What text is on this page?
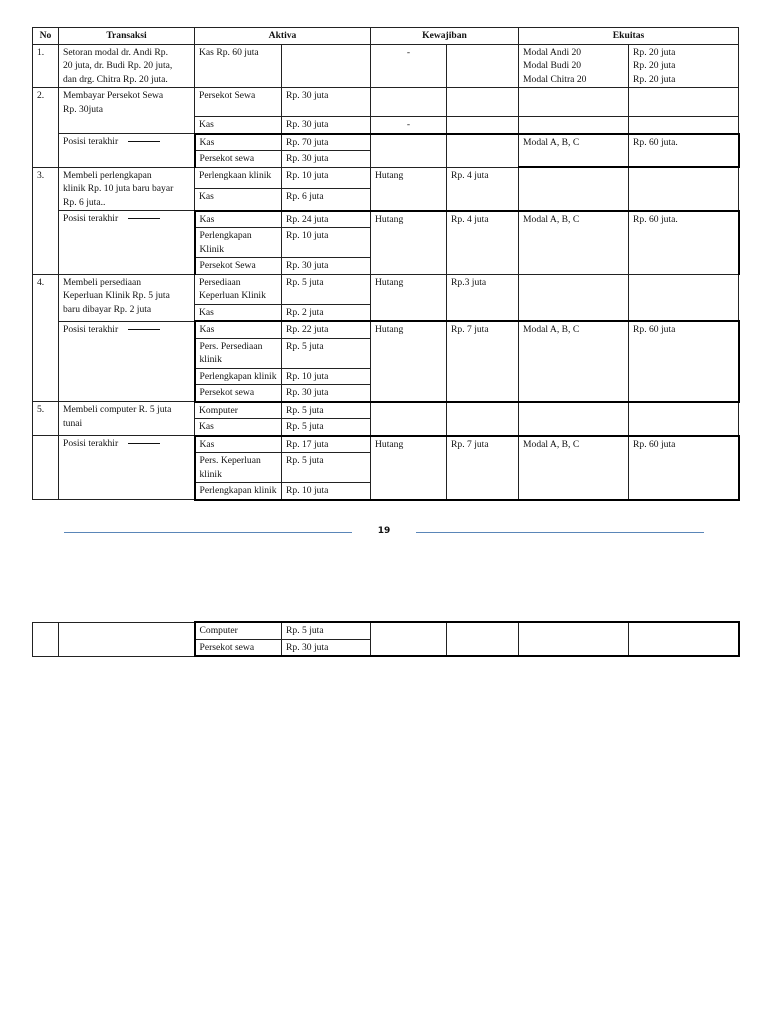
No	Transaksi	Aktiva		Kewajiban		Ekuitas	
1.	Setoran modal dr. Andi Rp.
20 juta, dr. Budi Rp. 20 juta,
dan drg. Chitra Rp. 20 juta.	Kas Rp. 60 juta		-		Modal Andi 20
Modal Budi 20
Modal Chitra 20	Rp. 20 juta
Rp. 20 juta
Rp. 20 juta

2.	Membayar Persekot Sewa
Rp. 30juta	Persekot Sewa	Rp. 30 juta				
		Kas	Rp. 30 juta	-			
	Posisi terakhir	Kas	Rp. 70 juta			Modal A, B, C	Rp. 60 juta.
		Persekot sewa	Rp. 30 juta				
3.	Membeli perlengkapan
klinik Rp. 10 juta baru bayar
Rp. 6 juta..	Perlengkaan klinik	Rp. 10 juta	Hutang	Rp. 4 juta		
		Kas	Rp. 6 juta				
	Posisi terakhir	Kas	Rp. 24 juta	Hutang	Rp. 4 juta	Modal A, B, C	Rp. 60 juta.
		Perlengkapan Klinik	Rp. 10 juta				
		Persekot Sewa	Rp. 30 juta				
4.	Membeli persediaan
Keperluan Klinik Rp. 5 juta
baru dibayar Rp. 2 juta	Persediaan Keperluan Klinik	Rp. 5 juta	Hutang	Rp.3 juta		
		Kas	Rp. 2 juta				
	Posisi terakhir	Kas	Rp. 22 juta	Hutang	Rp. 7 juta	Modal A, B, C	Rp. 60 juta
		Pers. Persediaan klinik	Rp. 5 juta				
		Perlengkapan klinik	Rp. 10 juta				
		Persekot sewa	Rp. 30 juta				
5.	Membeli computer R. 5 juta
tunai	Komputer	Rp. 5 juta				
		Kas	Rp. 5 juta				
	Posisi terakhir	Kas	Rp. 17 juta	Hutang	Rp. 7 juta	Modal A, B, C	Rp. 60 juta
		Pers. Keperluan klinik	Rp. 5 juta				
		Perlengkapan klinik	Rp. 10 juta				
19
		Computer	Rp. 5 juta				
		Persekot sewa	Rp. 30 juta				
